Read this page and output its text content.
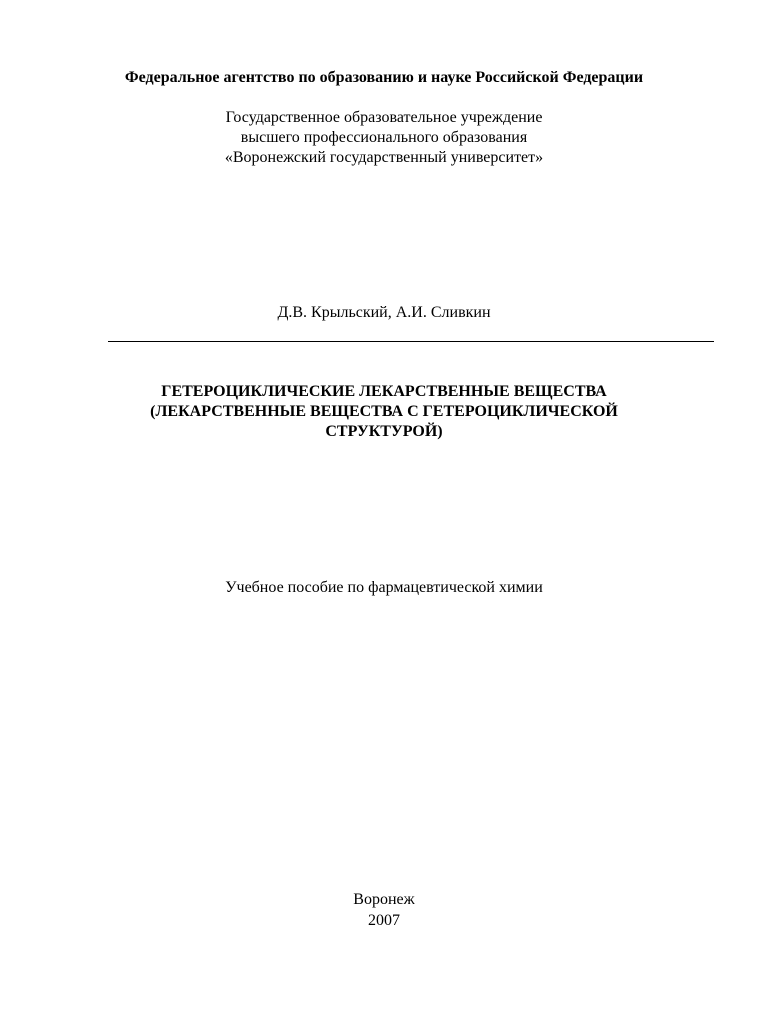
Федеральное агентство по образованию и науке Российской Федерации
Государственное образовательное учреждение
высшего профессионального образования
«Воронежский государственный университет»
Д.В. Крыльский, А.И. Сливкин
ГЕТЕРОЦИКЛИЧЕСКИЕ ЛЕКАРСТВЕННЫЕ ВЕЩЕСТВА
(ЛЕКАРСТВЕННЫЕ ВЕЩЕСТВА С ГЕТЕРОЦИКЛИЧЕСКОЙ
СТРУКТУРОЙ)
Учебное пособие по фармацевтической химии
Воронеж
2007
